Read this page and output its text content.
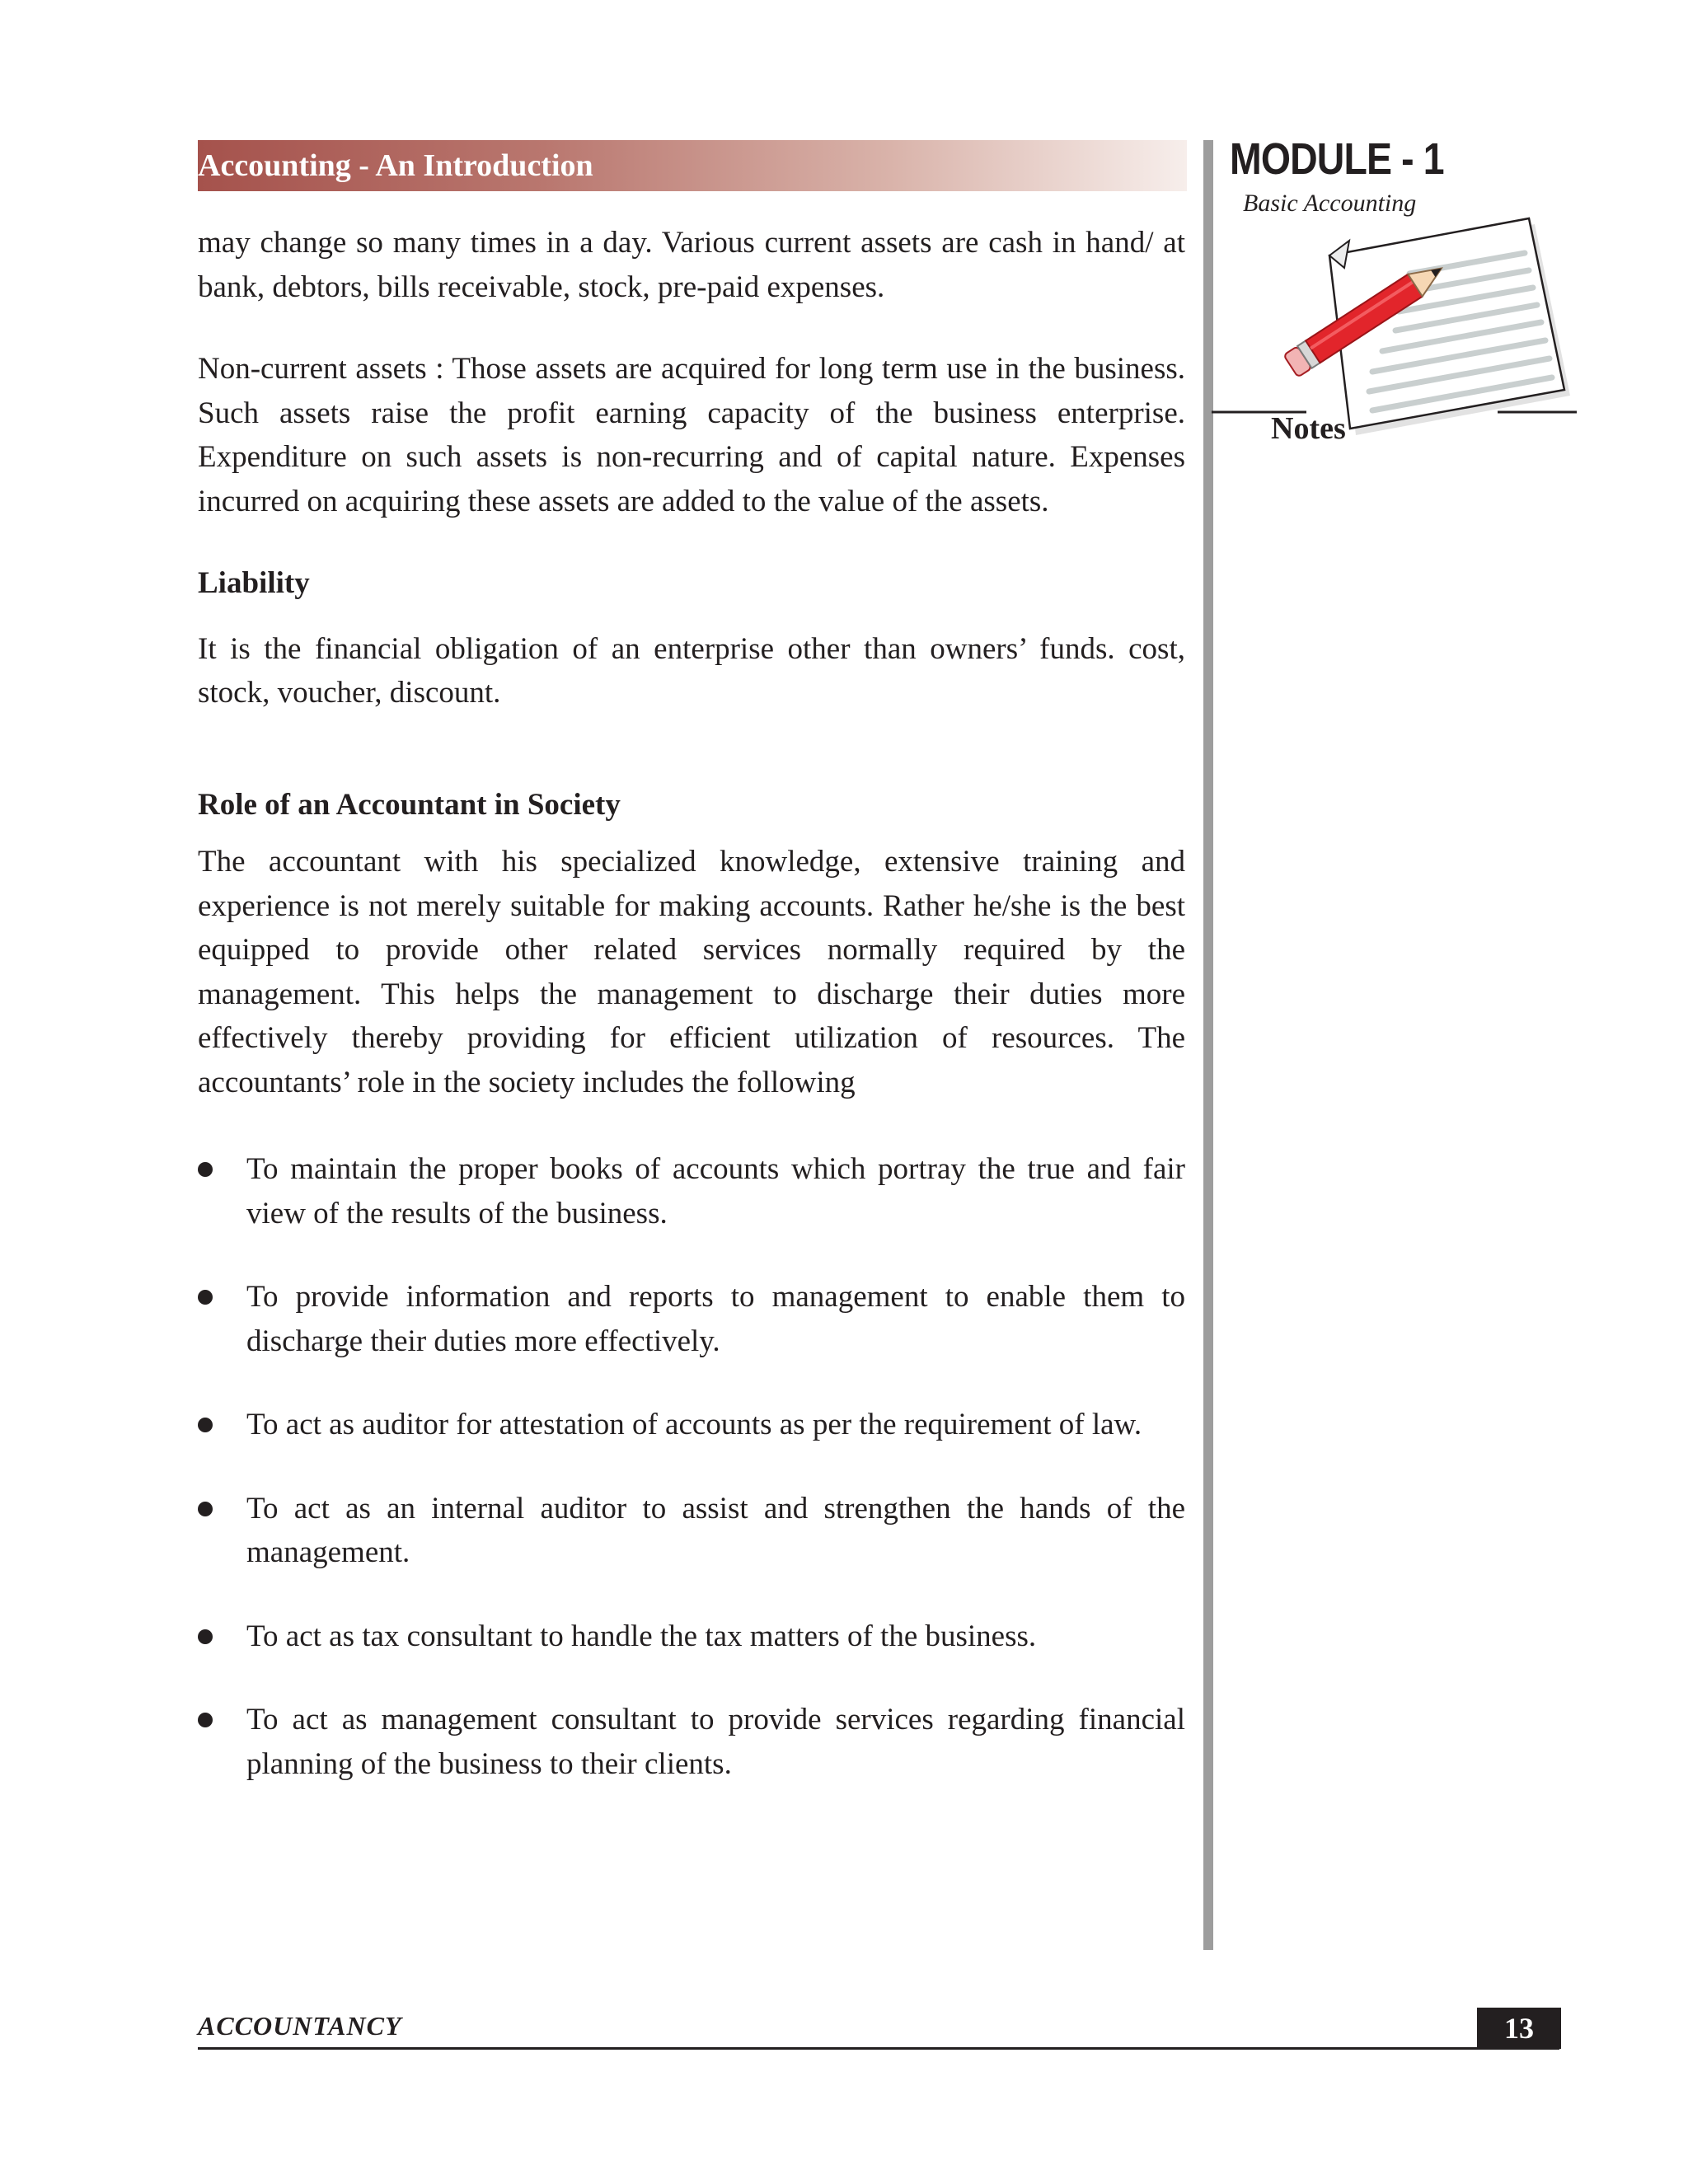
Accounting - An Introduction	MODULE - 1
Basic Accounting
Notes

may change so many times in a day. Various current assets are cash in hand/ at bank, debtors, bills receivable, stock, pre-paid expenses.

Non-current assets : Those assets are acquired for long term use in the business. Such assets raise the profit earning capacity of the business enterprise. Expenditure on such assets is non-recurring and of capital nature. Expenses incurred on acquiring these assets are added to the value of the assets.

Liability

It is the financial obligation of an enterprise other than owners’ funds. cost, stock, voucher, discount.

Role of an Accountant in Society

The accountant with his specialized knowledge, extensive training and experience is not merely suitable for making accounts. Rather he/she is the best equipped to provide other related services normally required by the management. This helps the management to discharge their duties more effectively thereby providing for efficient utilization of resources. The accountants’ role in the society includes the following

To maintain the proper books of accounts which portray the true and fair view of the results of the business.
To provide information and reports to management to enable them to discharge their duties more effectively.
To act as auditor for attestation of accounts as per the requirement of law.
To act as an internal auditor to assist and strengthen the hands of the management.
To act as tax consultant to handle the tax matters of the business.
To act as management consultant to provide services regarding financial planning of the business to their clients.
ACCOUNTANCY	13
